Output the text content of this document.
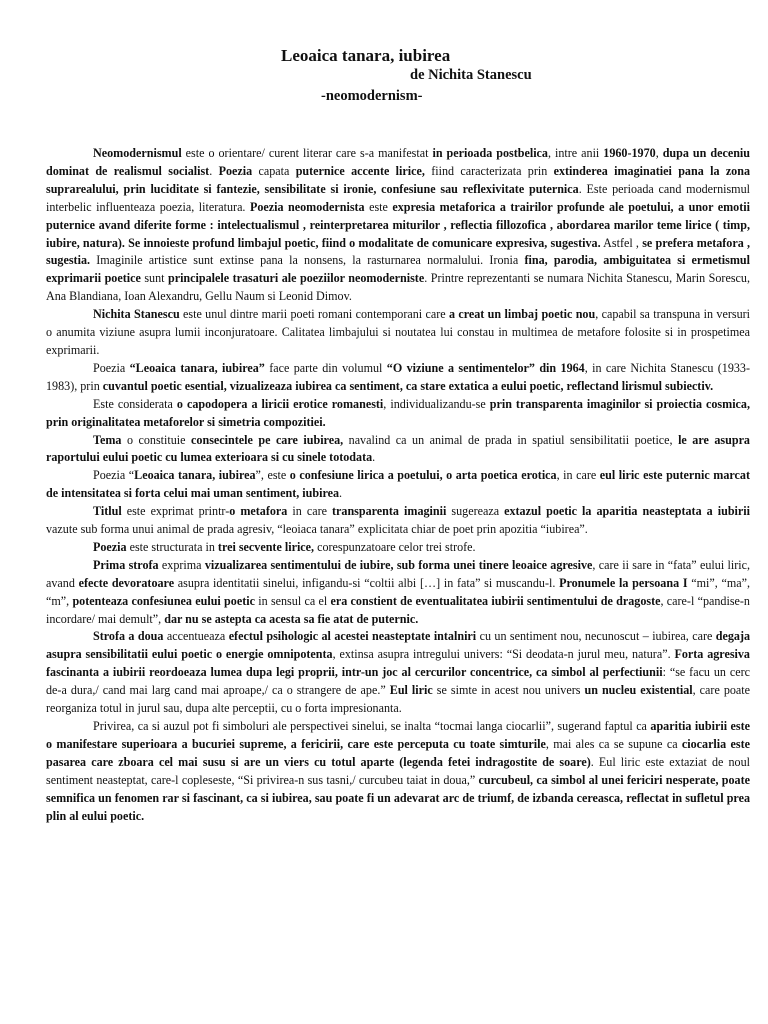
Leoaica tanara, iubirea
de Nichita Stanescu
-neomodernism-

Neomodernismul este o orientare/ curent literar care s-a manifestat in perioada postbelica, intre anii 1960-1970, dupa un deceniu dominat de realismul socialist. Poezia capata puternice accente lirice, fiind caracterizata prin extinderea imaginatiei pana la zona suprarealului, prin luciditate si fantezie, sensibilitate si ironie, confesiune sau reflexivitate puternica. Este perioada cand modernismul interbelic influenteaza poezia, literatura. Poezia neomodernista este expresia metaforica a trairilor profunde ale poetului, a unor emotii puternice avand diferite forme : intelectualismul , reinterpretarea miturilor , reflectia fillozofica , abordarea marilor teme lirice ( timp, iubire, natura). Se innoieste profund limbajul poetic, fiind o modalitate de comunicare expresiva, sugestiva. Astfel , se prefera metafora , sugestia. Imaginile artistice sunt extinse pana la nonsens, la rasturnarea normalului. Ironia fina, parodia, ambiguitatea si ermetismul exprimarii poetice sunt principalele trasaturi ale poeziilor neomoderniste. Printre reprezentanti se numara Nichita Stanescu, Marin Sorescu, Ana Blandiana, Ioan Alexandru, Gellu Naum si Leonid Dimov.

Nichita Stanescu este unul dintre marii poeti romani contemporani care a creat un limbaj poetic nou, capabil sa transpuna in versuri o anumita viziune asupra lumii inconjuratoare. Calitatea limbajului si noutatea lui constau in multimea de metafore folosite si in prospetimea exprimarii.

Poezia “Leoaica tanara, iubirea” face parte din volumul “O viziune a sentimentelor” din 1964, in care Nichita Stanescu (1933-1983), prin cuvantul poetic esential, vizualizeaza iubirea ca sentiment, ca stare extatica a eului poetic, reflectand lirismul subiectiv.

Este considerata o capodopera a liricii erotice romanesti, individualizandu-se prin transparenta imaginilor si proiectia cosmica, prin originalitatea metaforelor si simetria compozitiei.

Tema o constituie consecintele pe care iubirea, navalind ca un animal de prada in spatiul sensibilitatii poetice, le are asupra raportului eului poetic cu lumea exterioara si cu sinele totodata.

Poezia “Leoaica tanara, iubirea”, este o confesiune lirica a poetului, o arta poetica erotica, in care eul liric este puternic marcat de intensitatea si forta celui mai uman sentiment, iubirea.

Titlul este exprimat printr-o metafora in care transparenta imaginii sugereaza extazul poetic la aparitia neasteptata a iubirii vazute sub forma unui animal de prada agresiv, “leoiaca tanara” explicitata chiar de poet prin apozitia “iubirea”.

Poezia este structurata in trei secvente lirice, corespunzatoare celor trei strofe.

Prima strofa exprima vizualizarea sentimentului de iubire, sub forma unei tinere leoaice agresive, care ii sare in “fata” eului liric, avand efecte devoratoare asupra identitatii sinelui, infigandu-si “coltii albi […] in fata” si muscandu-l. Pronumele la persoana I “mi”, “ma”, “m”, potenteaza confesiunea eului poetic in sensul ca el era constient de eventualitatea iubirii sentimentului de dragoste, care-l “pandise-n incordare/ mai demult”, dar nu se astepta ca acesta sa fie atat de puternic.

Strofa a doua accentueaza efectul psihologic al acestei neasteptate intalniri cu un sentiment nou, necunoscut – iubirea, care degaja asupra sensibilitatii eului poetic o energie omnipotenta, extinsa asupra intregului univers: “Si deodata-n jurul meu, natura”. Forta agresiva fascinanta a iubirii reordoeaza lumea dupa legi proprii, intr-un joc al cercurilor concentrice, ca simbol al perfectiunii: “se facu un cerc de-a dura,/ cand mai larg cand mai aproape,/ ca o strangere de ape.” Eul liric se simte in acest nou univers un nucleu existential, care poate reorganiza totul in jurul sau, dupa alte perceptii, cu o forta impresionanta.

Privirea, ca si auzul pot fi simboluri ale perspectivei sinelui, se inalta “tocmai langa ciocarlii”, sugerand faptul ca aparitia iubirii este o manifestare superioara a bucuriei supreme, a fericirii, care este perceputa cu toate simturile, mai ales ca se supune ca ciocarlia este pasarea care zboara cel mai susu si are un viers cu totul aparte (legenda fetei indragostite de soare). Eul liric este extaziat de noul sentiment neasteptat, care-l copleseste, “Si privirea-n sus tasni,/ curcubeu taiat in doua,” curcubeul, ca simbol al unei fericiri nesperate, poate semnifica un fenomen rar si fascinant, ca si iubirea, sau poate fi un adevarat arc de triumf, de izbanda cereasca, reflectat in sufletul prea plin al eului poetic.
